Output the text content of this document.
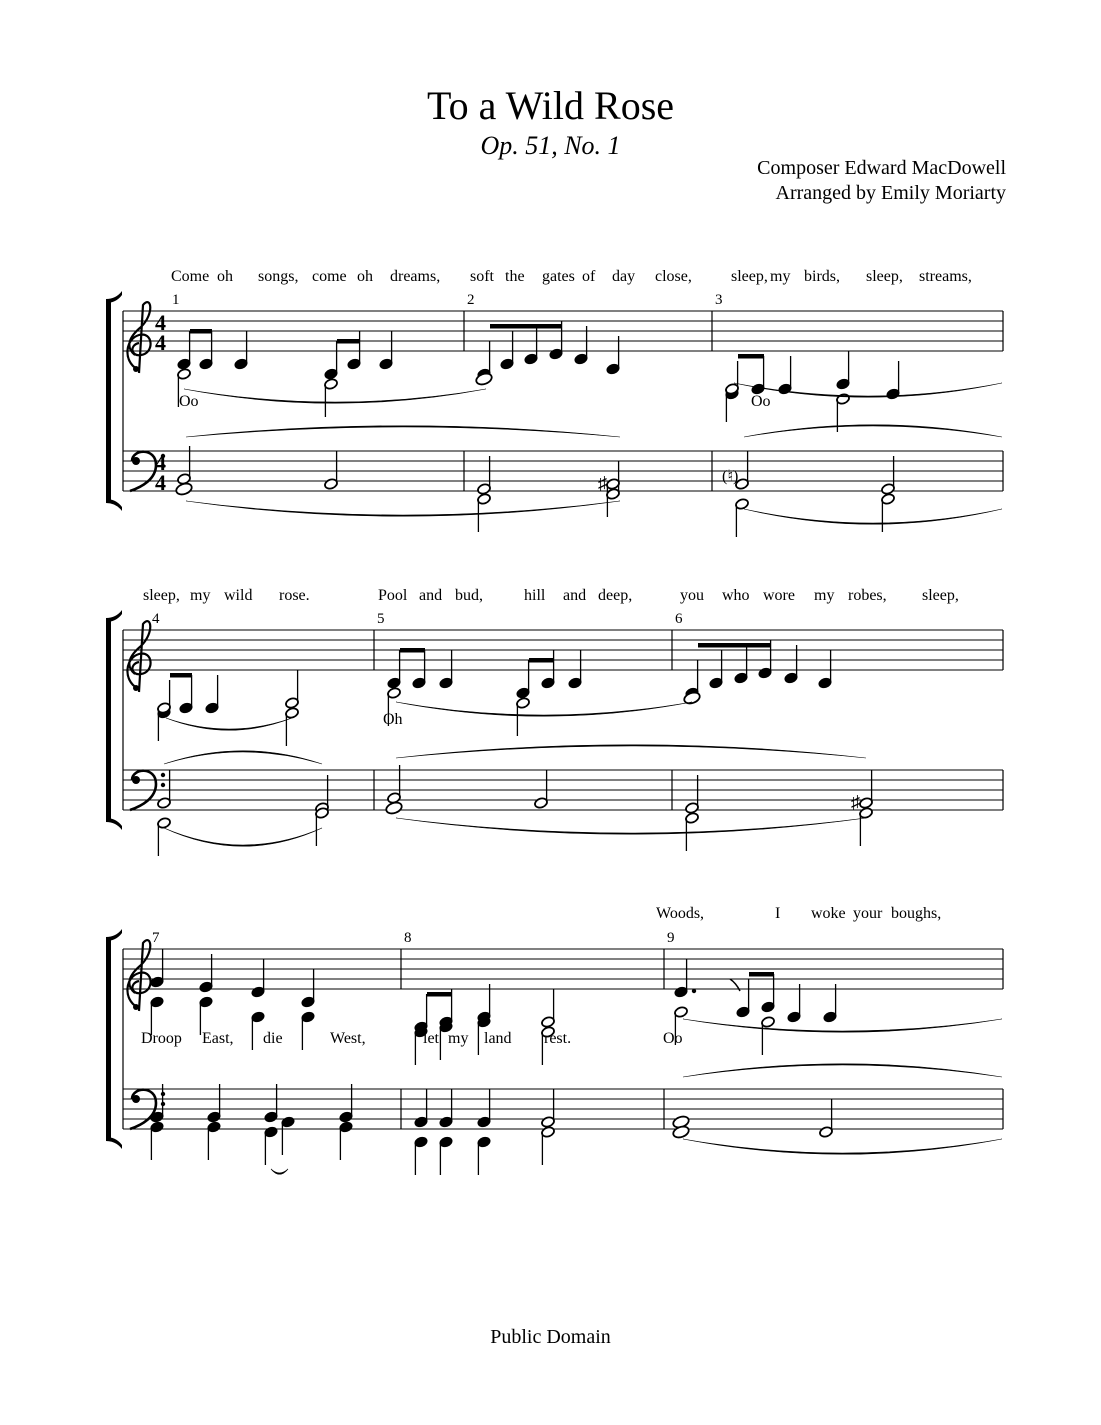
To a Wild Rose
Op. 51, No. 1
Composer Edward MacDowell
Arranged by Emily Moriarty
4
4
4
4
1	2	3
♯	(♮)
Come oh songs, come oh dreams, soft the gates of day close, sleep, my birds, sleep, streams,
Oo	Oo
4	5	6
♯
sleep, my wild rose.	Pool and bud,	hill and deep,	you who wore my robes, sleep,
Oh
7	8	9
Woods,	I woke your boughs,
Droop East, die	West,	let my land rest.	Oo
Public Domain
